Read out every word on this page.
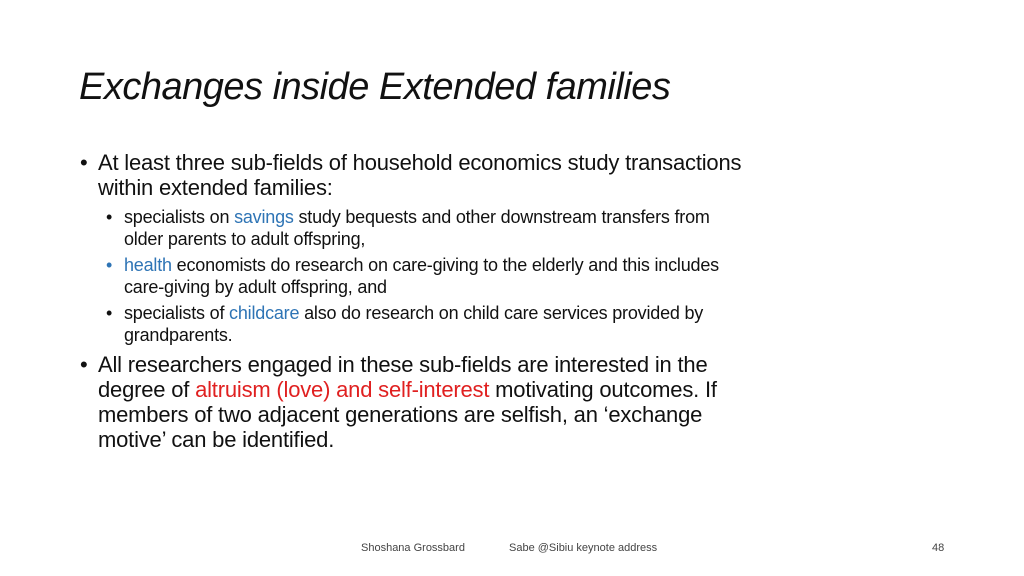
Exchanges inside Extended families
• At least three sub-fields of household economics study transactions
within extended families:
• specialists on savings study bequests and other downstream transfers from
older parents to adult offspring,
• health economists do research on care-giving to the elderly and this includes
care-giving by adult offspring, and
• specialists of childcare also do research on child care services provided by
grandparents.
• All researchers engaged in these sub-fields are interested in the
degree of altruism (love) and self-interest motivating outcomes. If
members of two adjacent generations are selfish, an ‘exchange
motive’ can be identified.
Shoshana Grossbard	Sabe @Sibiu keynote address	48
